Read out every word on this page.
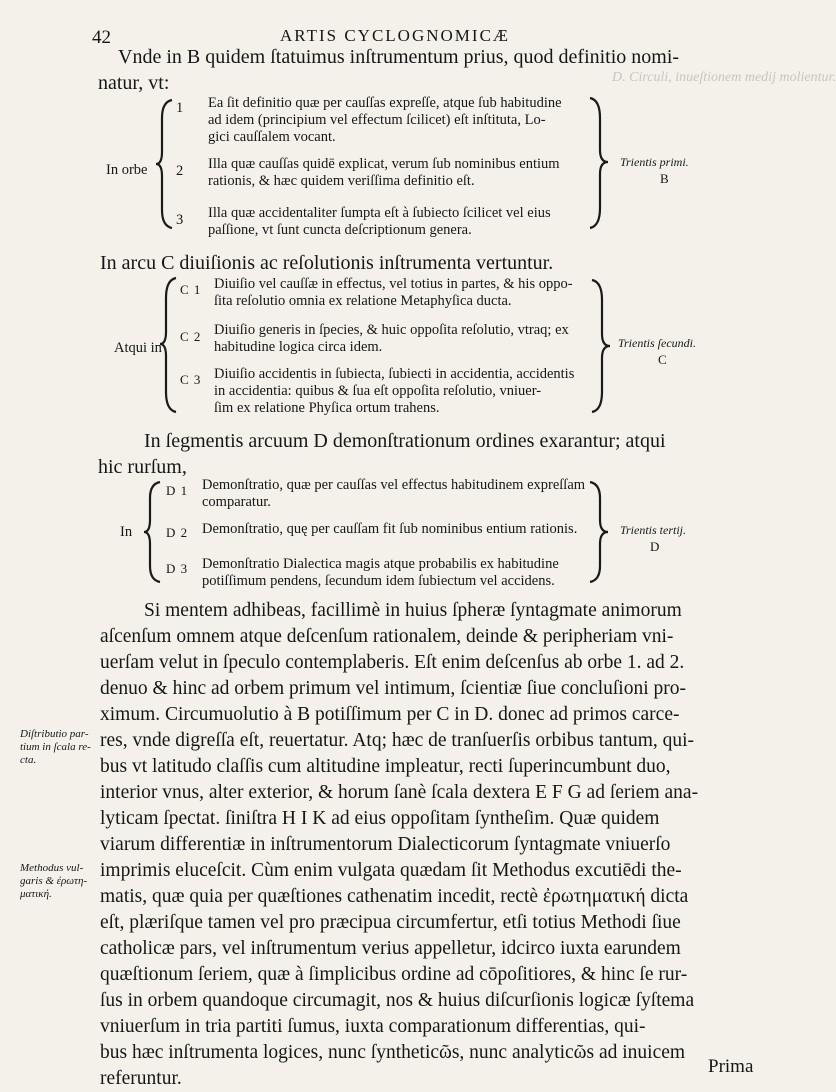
D. Circuli, inueſtionem medij molientur.
42	ARTIS CYCLOGNOMICÆ
Vnde in B quidem ſtatuimus inſtrumentum prius, quod definitio nomi-
natur, vt:
In orbe
1 Ea ſit definitio quæ per cauſſas expreſſe, atque ſub habitudine
ad idem (principium vel effectum ſcilicet) eſt inſtituta, Lo-
gici cauſſalem vocant.
2 Illa quæ cauſſas quidē explicat, verum ſub nominibus entium
rationis, & hæc quidem veriſſima definitio eſt.
3 Illa quæ accidentaliter ſumpta eſt à ſubiecto ſcilicet vel eius
paſſione, vt ſunt cuncta deſcriptionum genera.
Trientis primi.
B
In arcu C diuiſionis ac reſolutionis inſtrumenta vertuntur.
Atqui in
C 1 Diuiſio vel cauſſæ in effectus, vel totius in partes, & his oppo-
ſita reſolutio omnia ex relatione Metaphyſica ducta.
C 2 Diuiſio generis in ſpecies, & huic oppoſita reſolutio, vtraq; ex
habitudine logica circa idem.
C 3 Diuiſio accidentis in ſubiecta, ſubiecti in accidentia, accidentis
in accidentia: quibus & ſua eſt oppoſita reſolutio, vniuer-
ſim ex relatione Phyſica ortum trahens.
Trientis ſecundi.
C
In ſegmentis arcuum D demonſtrationum ordines exarantur; atqui
hic rurſum,
In
D 1 Demonſtratio, quæ per cauſſas vel effectus habitudinem expreſſam
comparatur.
D 2 Demonſtratio, quę per cauſſam fit ſub nominibus entium rationis.
D 3 Demonſtratio Dialectica magis atque probabilis ex habitudine
potiſſimum pendens, ſecundum idem ſubiectum vel accidens.
Trientis tertij.
D
Si mentem adhibeas, facillimè in huius ſpheræ ſyntagmate animorum
aſcenſum omnem atque deſcenſum rationalem, deinde & peripheriam vni-
uerſam velut in ſpeculo contemplaberis. Eſt enim deſcenſus ab orbe 1. ad 2.
denuo & hinc ad orbem primum vel intimum, ſcientiæ ſiue concluſioni pro-
ximum. Circumuolutio à B potiſſimum per C in D. donec ad primos carce-
res, vnde digreſſa eſt, reuertatur. Atq; hæc de tranſuerſis orbibus tantum, qui-
bus vt latitudo claſſis cum altitudine impleatur, recti ſuperincumbunt duo,
interior vnus, alter exterior, & horum ſanè ſcala dextera E F G ad ſeriem ana-
lyticam ſpectat. ſiniſtra H I K ad eius oppoſitam ſyntheſim. Quæ quidem
viarum differentiæ in inſtrumentorum Dialecticorum ſyntagmate vniuerſo
imprimis eluceſcit. Cùm enim vulgata quædam ſit Methodus excutiēdi the-
matis, quæ quia per quæſtiones cathenatim incedit, rectè ἐρωτηματική dicta
eſt, plæriſque tamen vel pro præcipua circumfertur, etſi totius Methodi ſiue
catholicæ pars, vel inſtrumentum verius appelletur, idcirco iuxta earundem
quæſtionum ſeriem, quæ à ſimplicibus ordine ad cōpoſitiores, & hinc ſe rur-
ſus in orbem quandoque circumagit, nos & huius diſcurſionis logicæ ſyſtema
vniuerſum in tria partiti ſumus, iuxta comparationum differentias, qui-
bus hæc inſtrumenta logices, nunc ſyntheticῶs, nunc analyticῶs ad inuicem
referuntur.
Diſtributio par-
tium in ſcala re-
cta.
Methodus vul-
garis & ἐρωτη-
ματική.
Prima
